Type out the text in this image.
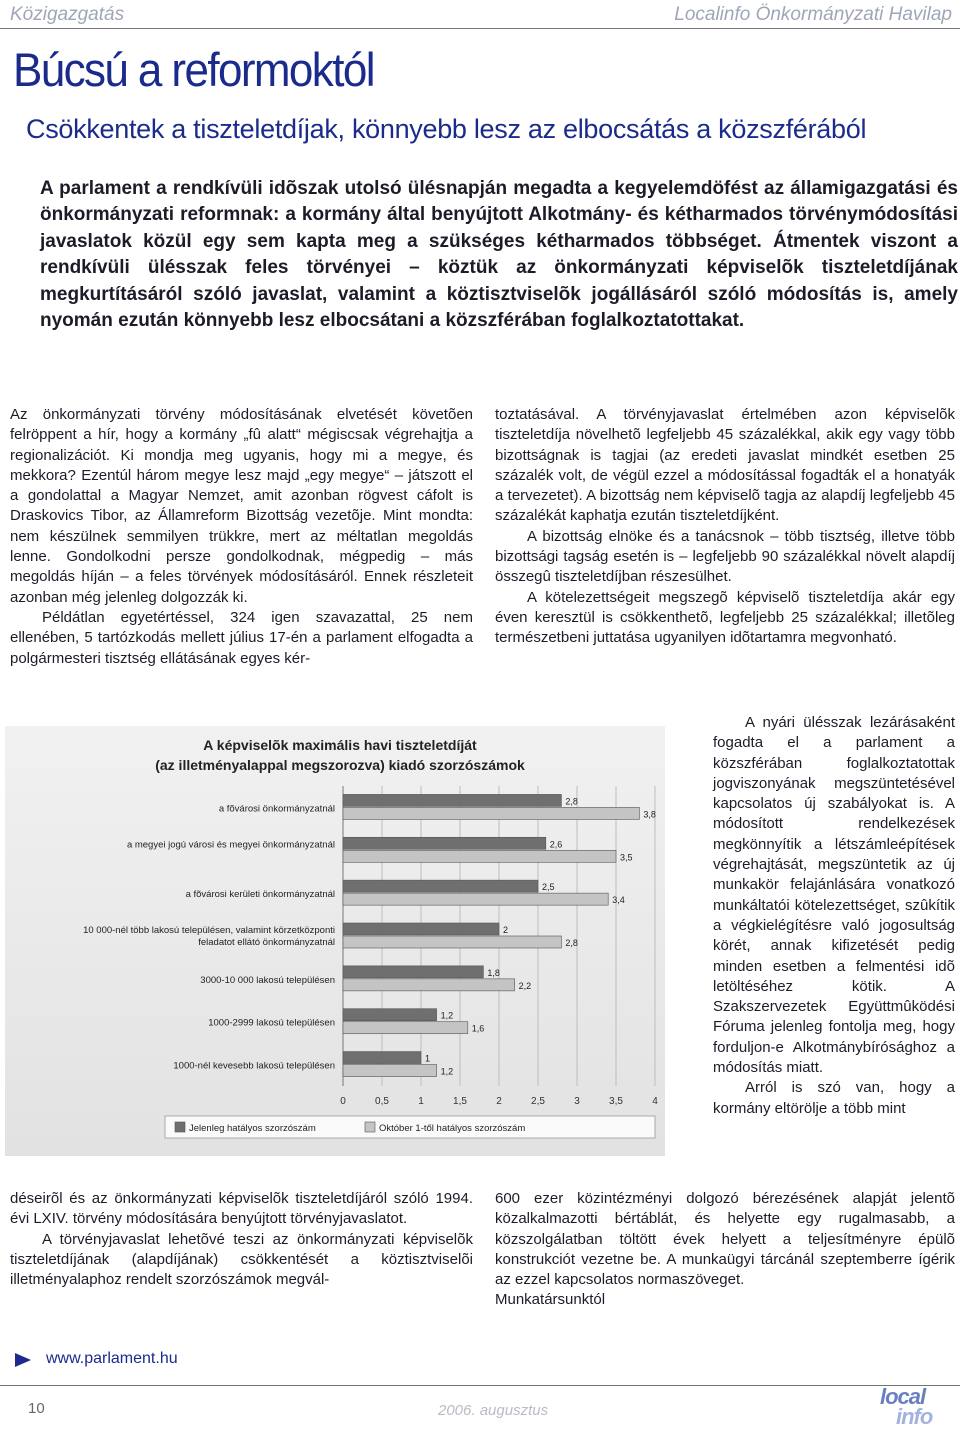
Közigazgatás	Localinfo Önkormányzati Havilap
Búcsú a reformoktól
Csökkentek a tiszteletdíjak, könnyebb lesz az elbocsátás a közszférából

A parlament a rendkívüli idõszak utolsó ülésnapján megadta a kegyelemdöfést az államigazgatási és önkormányzati reformnak: a kormány által benyújtott Alkotmány- és kétharmados törvénymódosítási javaslatok közül egy sem kapta meg a szükséges kétharmados többséget. Átmentek viszont a rendkívüli ülésszak feles törvényei – köztük az önkormányzati képviselõk tiszteletdíjának megkurtításáról szóló javaslat, valamint a köztisztviselõk jogállásáról szóló módosítás is, amely nyomán ezután könnyebb lesz elbocsátani a közszférában foglalkoztatottakat.

Az önkormányzati törvény módosításának elvetését követõen felröppent a hír, hogy a kormány „fû alatt“ mégiscsak végrehajtja a regionalizációt. Ki mondja meg ugyanis, hogy mi a megye, és mekkora? Ezentúl három megye lesz majd „egy megye“ – játszott el a gondolattal a Magyar Nemzet, amit azonban rögvest cáfolt is Draskovics Tibor, az Államreform Bizottság vezetõje. Mint mondta: nem készülnek semmilyen trükkre, mert az méltatlan megoldás lenne. Gondolkodni persze gondolkodnak, mégpedig – más megoldás híján – a feles törvények módosításáról. Ennek részleteit azonban még jelenleg dolgozzák ki.

Példátlan egyetértéssel, 324 igen szavazattal, 25 nem ellenében, 5 tartózkodás mellett július 17-én a parlament elfogadta a polgármesteri tisztség ellátásának egyes kér-

A képviselõk maximális havi tiszteletdíját
(az illetményalappal megszorozva) kiadó szorzószámok
a fõvárosi önkormányzatnál
a megyei jogú városi és megyei önkormányzatnál
a fõvárosi kerületi önkormányzatnál
10 000-nél több lakosú településen, valamint körzetközponti
feladatot ellátó önkormányzatnál
3000-10 000 lakosú településen
1000-2999 lakosú településen
1000-nél kevesebb lakosú településen
2,8
3,8
2,6
3,5
2,5
3,4
2
2,8
1,8
2,2
1,2
1,6
1
1,2
0	0,5	1	1,5	2	2,5	3	3,5	4
Jelenleg hatályos szorzószám	Október 1-től hatályos szorzószám

déseirõl és az önkormányzati képviselõk tiszteletdíjáról szóló 1994. évi LXIV. törvény módosítására benyújtott törvényjavaslatot.

A törvényjavaslat lehetõvé teszi az önkormányzati képviselõk tiszteletdíjának (alapdíjának) csökkentését a köztisztviselõi illetményalaphoz rendelt szorzószámok megvál-

toztatásával. A törvényjavaslat értelmében azon képviselõk tiszteletdíja növelhetõ legfeljebb 45 százalékkal, akik egy vagy több bizottságnak is tagjai (az eredeti javaslat mindkét esetben 25 százalék volt, de végül ezzel a módosítással fogadták el a honatyák a tervezetet). A bizottság nem képviselõ tagja az alapdíj legfeljebb 45 százalékát kaphatja ezután tiszteletdíjként.

A bizottság elnöke és a tanácsnok – több tisztség, illetve több bizottsági tagság esetén is – legfeljebb 90 százalékkal növelt alapdíj összegû tiszteletdíjban részesülhet.

A kötelezettségeit megszegõ képviselõ tiszteletdíja akár egy éven keresztül is csökkenthetõ, legfeljebb 25 százalékkal; illetõleg természetbeni juttatása ugyanilyen idõtartamra megvonható.

A nyári ülésszak lezárásaként fogadta el a parlament a közszférában foglalkoztatottak jogviszonyának megszüntetésével kapcsolatos új szabályokat is. A módosított rendelkezések megkönnyítik a létszámleépítések végrehajtását, megszüntetik az új munkakör felajánlására vonatkozó munkáltatói kötelezettséget, szûkítik a végkielégítésre való jogosultság körét, annak kifizetését pedig minden esetben a felmentési idõ letöltéséhez kötik. A Szakszervezetek Együttmûködési Fóruma jelenleg fontolja meg, hogy forduljon-e Alkotmánybírósághoz a módosítás miatt.

Arról is szó van, hogy a kormány eltörölje a több mint

600 ezer közintézményi dolgozó bérezésének alapját jelentõ közalkalmazotti bértáblát, és helyette egy rugalmasabb, a közszolgálatban töltött évek helyett a teljesítményre épülõ konstrukciót vezetne be. A munkaügyi tárcánál szeptemberre ígérik az ezzel kapcsolatos normaszöveget.

Munkatársunktól

www.parlament.hu
10	2006. augusztus
local
info
